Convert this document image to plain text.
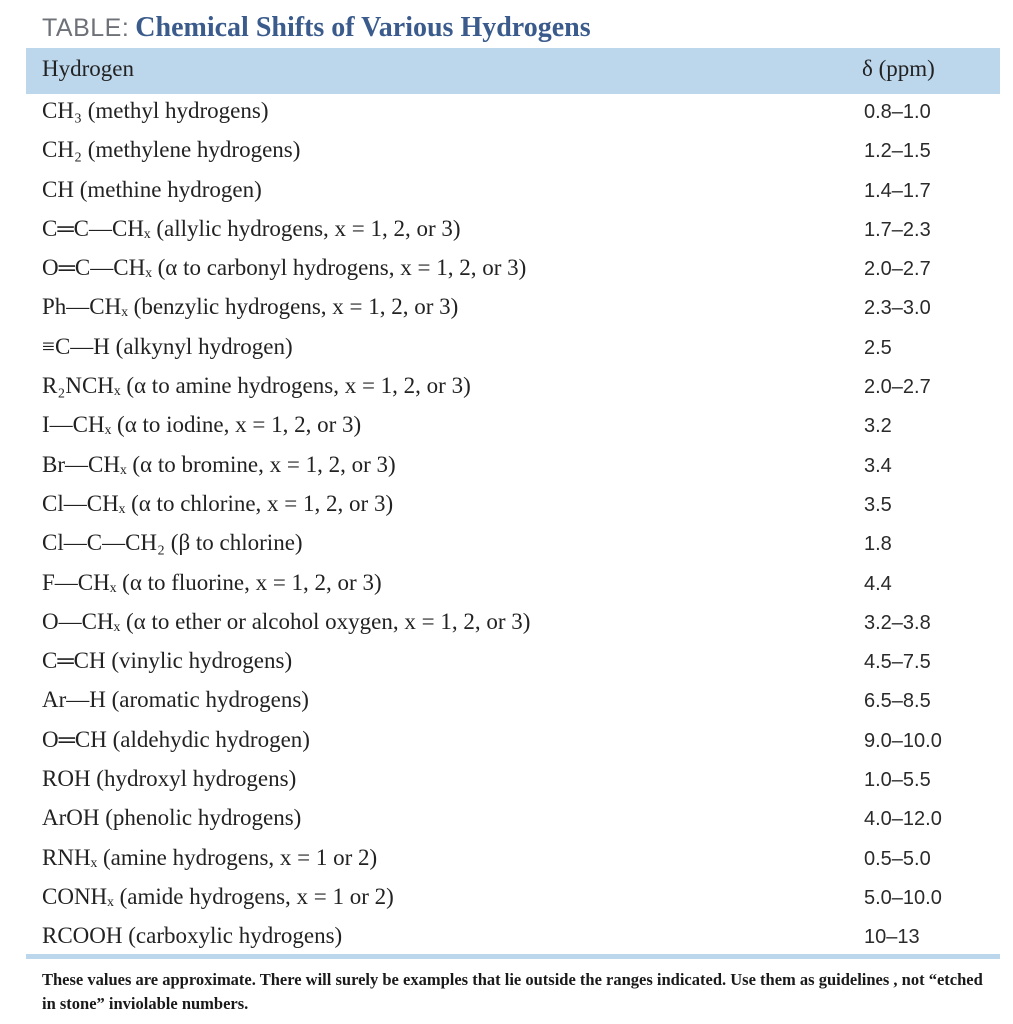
TABLE: Chemical Shifts of Various Hydrogens
Hydrogen	δ (ppm)
CH₃ (methyl hydrogens)	0.8–1.0
CH₂ (methylene hydrogens)	1.2–1.5
CH (methine hydrogen)	1.4–1.7
C═C—CHₓ (allylic hydrogens, x = 1, 2, or 3)	1.7–2.3
O═C—CHₓ (α to carbonyl hydrogens, x = 1, 2, or 3)	2.0–2.7
Ph—CHₓ (benzylic hydrogens, x = 1, 2, or 3)	2.3–3.0
≡C—H (alkynyl hydrogen)	2.5
R₂NCHₓ (α to amine hydrogens, x = 1, 2, or 3)	2.0–2.7
I—CHₓ (α to iodine, x = 1, 2, or 3)	3.2
Br—CHₓ (α to bromine, x = 1, 2, or 3)	3.4
Cl—CHₓ (α to chlorine, x = 1, 2, or 3)	3.5
Cl—C—CH₂ (β to chlorine)	1.8
F—CHₓ (α to fluorine, x = 1, 2, or 3)	4.4
O—CHₓ (α to ether or alcohol oxygen, x = 1, 2, or 3)	3.2–3.8
C═CH (vinylic hydrogens)	4.5–7.5
Ar—H (aromatic hydrogens)	6.5–8.5
O═CH (aldehydic hydrogen)	9.0–10.0
ROH (hydroxyl hydrogens)	1.0–5.5
ArOH (phenolic hydrogens)	4.0–12.0
RNHₓ (amine hydrogens, x = 1 or 2)	0.5–5.0
CONHₓ (amide hydrogens, x = 1 or 2)	5.0–10.0
RCOOH (carboxylic hydrogens)	10–13
These values are approximate. There will surely be examples that lie outside the ranges indicated. Use them as guidelines , not “etched in stone” inviolable numbers.
